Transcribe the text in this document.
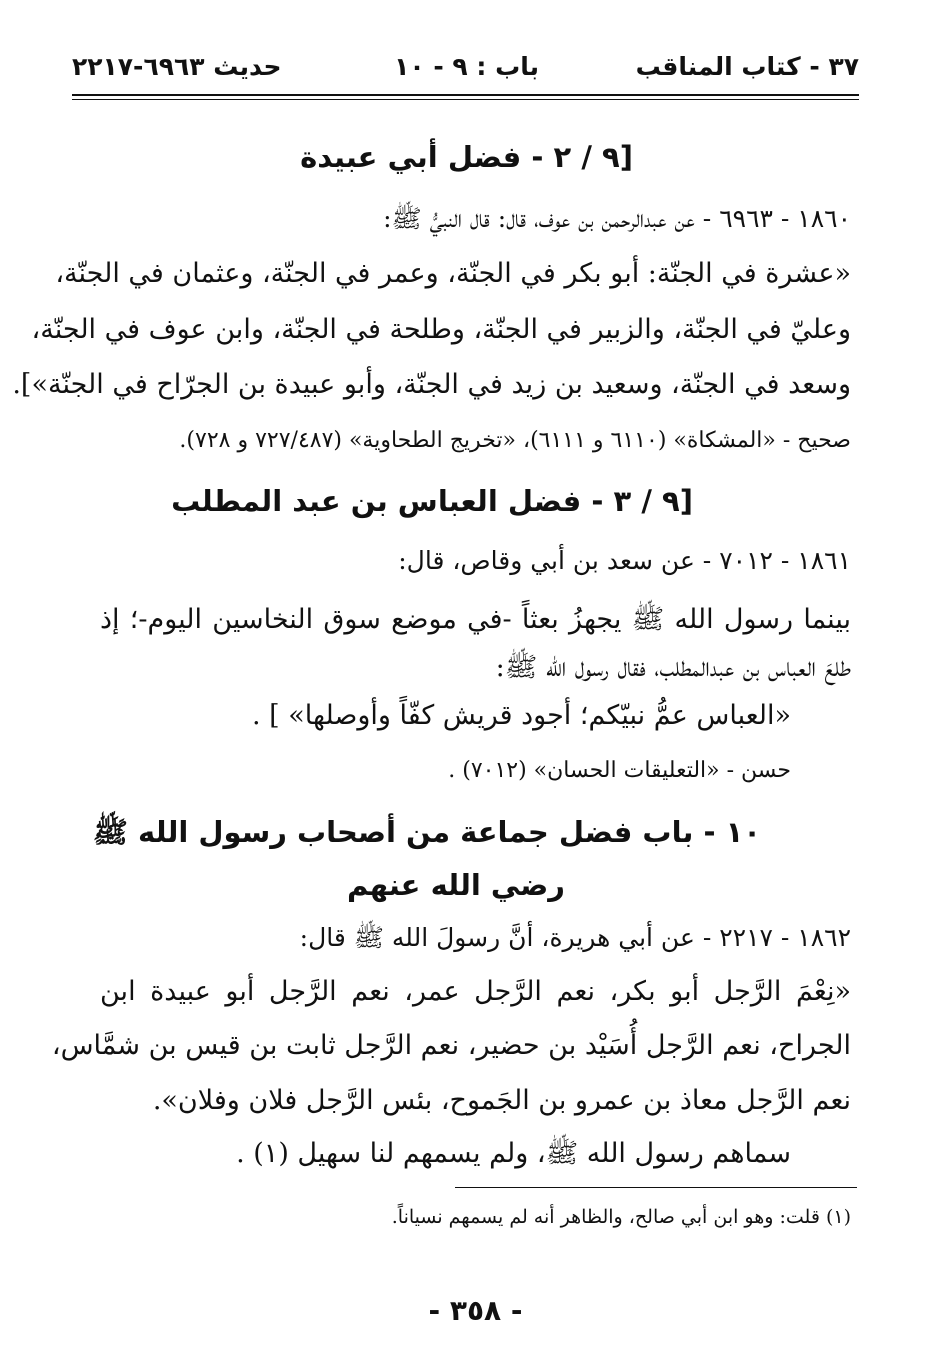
٣٧ - كتاب المناقب
باب : ٩ - ١٠
حديث ٦٩٦٣-٢٢١٧
[٩ / ٢ - فضل أبي عبيدة
١٨٦٠ - ٦٩٦٣ - عن عبدالرحمن بن عوف، قال: قال النبيُّ ﷺ:
«عشرة في الجنّة: أبو بكر في الجنّة، وعمر في الجنّة، وعثمان في الجنّة،
وعليّ في الجنّة، والزبير في الجنّة، وطلحة في الجنّة، وابن عوف في الجنّة،
وسعد في الجنّة، وسعيد بن زيد في الجنّة، وأبو عبيدة بن الجرّاح في الجنّة»].
صحيح - «المشكاة» (٦١١٠ و ٦١١١)، «تخريج الطحاوية» (٧٢٧/٤٨٧ و ٧٢٨).
[٩ / ٣ - فضل العباس بن عبد المطلب
١٨٦١ - ٧٠١٢ - عن سعد بن أبي وقاص، قال:
بينما رسول الله ﷺ يجهزُ بعثاً -في موضع سوق النخاسين اليوم-؛ إذ
طلعَ العباس بن عبدالمطلب، فقال رسول الله ﷺ:
«العباس عمُّ نبيّكم؛ أجود قريش كفّاً وأوصلها» ] .
حسن - «التعليقات الحسان» (٧٠١٢) .
١٠ - باب فضل جماعة من أصحاب رسول الله ﷺ
رضي الله عنهم
١٨٦٢ - ٢٢١٧ - عن أبي هريرة، أنَّ رسولَ الله ﷺ قال:
«نِعْمَ الرَّجل أبو بكر، نعم الرَّجل عمر، نعم الرَّجل أبو عبيدة ابن
الجراح، نعم الرَّجل أُسَيْد بن حضير، نعم الرَّجل ثابت بن قيس بن شمَّاس،
نعم الرَّجل معاذ بن عمرو بن الجَموح، بئس الرَّجل فلان وفلان».
سماهم رسول الله ﷺ، ولم يسمهم لنا سهيل (١) .
(١) قلت: وهو ابن أبي صالح، والظاهر أنه لم يسمهم نسياناً.
- ٣٥٨ -
